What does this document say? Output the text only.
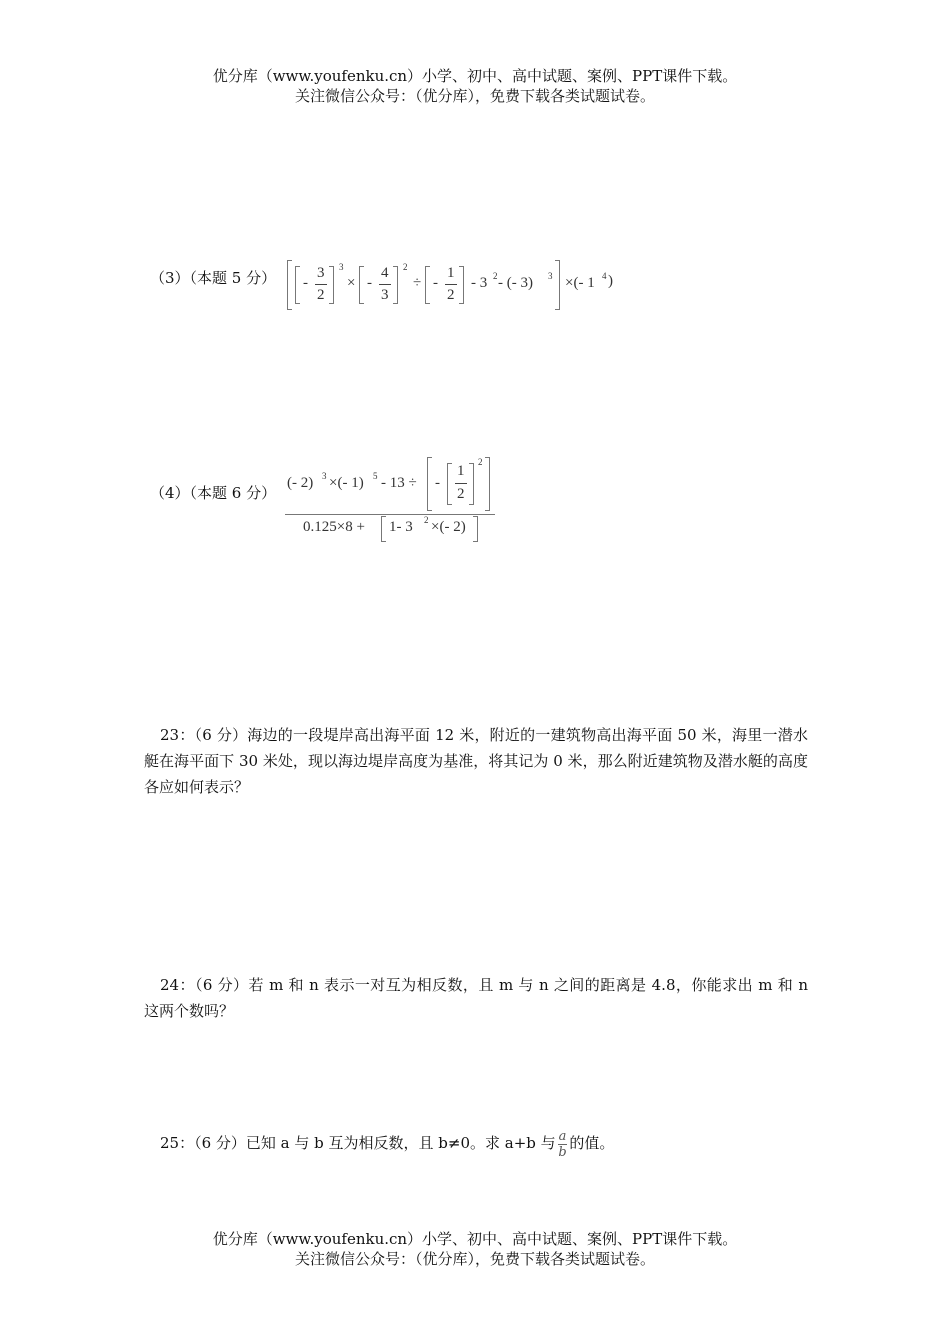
优分库（www.youfenku.cn）小学、初中、高中试题、案例、PPT课件下载。
关注微信公众号：（优分库），免费下载各类试题试卷。
（3）（本题 5 分） -
3
2
3
× -
4
3
2
÷ -
1
2
- 3 2 - (- 3) 3 ×(- 1 4 )
（4）（本题 6 分）
(- 2) 3 ×(- 1) 5 - 13 ÷ -
1
2
2
0.125×8 + 1- 3 2 ×(- 2)
23：（6 分）海边的一段堤岸高出海平面 12 米，附近的一建筑物高出海平面 50 米，海里一潜水艇在海平面下 30 米处，现以海边堤岸高度为基准，将其记为 0 米，那么附近建筑物及潜水艇的高度各应如何表示？
24：（6 分）若 m 和 n 表示一对互为相反数，且 m 与 n 之间的距离是 4.8，你能求出 m 和 n 这两个数吗？
25：（6 分）已知 a 与 b 互为相反数，且 b≠0。求 a+b 与 $\frac{a}{b}$ 的值。
优分库（www.youfenku.cn）小学、初中、高中试题、案例、PPT课件下载。
关注微信公众号：（优分库），免费下载各类试题试卷。
